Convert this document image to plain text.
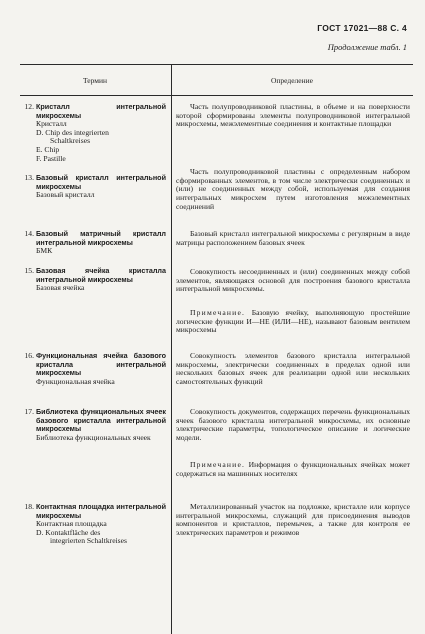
ГОСТ 17021—88 С. 4
Продолжение табл. 1
Термин	Определение
12. Кристалл интегральной микросхемы
Кристалл
D. Chip des integrierten
Schaltkreises
E. Chip
F. Pastille

Часть полупроводниковой пластины, в объеме и на поверхности которой сформированы элементы полупроводниковой интегральной микросхемы, межэлементные соединения и контактные площадки

13. Базовый кристалл интегральной микросхемы
Базовый кристалл

Часть полупроводниковой пластины с определенным набором сформированных элементов, в том числе электрически соединенных и (или) не соединенных между собой, используемая для создания интегральных микросхем путем изготовления межэлементных соединений

14. Базовый матричный кристалл интегральной микросхемы
БМК

Базовый кристалл интегральной микросхемы с регулярным в виде матрицы расположением базовых ячеек

15. Базовая ячейка кристалла интегральной микросхемы
Базовая ячейка

Совокупность несоединенных и (или) соединенных между собой элементов, являющаяся основой для построения базового кристалла интегральной микросхемы.

Примечание. Базовую ячейку, выполняющую простейшие логические функции И—НЕ (ИЛИ—НЕ), называют базовым вентилем микросхемы

16. Функциональная ячейка базового кристалла интегральной микросхемы
Функциональная ячейка

Совокупность элементов базового кристалла интегральной микросхемы, электрически соединенных в пределах одной или нескольких базовых ячеек для реализации одной или нескольких самостоятельных функций

17. Библиотека функциональных ячеек базового кристалла интегральной микросхемы
Библиотека функциональных ячеек

Совокупность документов, содержащих перечень функциональных ячеек базового кристалла интегральной микросхемы, их основные электрические параметры, топологическое описание и логические модели.

Примечание. Информация о функциональных ячейках может содержаться на машинных носителях

18. Контактная площадка интегральной микросхемы
Контактная площадка
D. Kontaktfläche des
integrierten Schaltkreises

Металлизированный участок на подложке, кристалле или корпусе интегральной микросхемы, служащий для присоединения выводов компонентов и кристаллов, перемычек, а также для контроля ее электрических параметров и режимов
